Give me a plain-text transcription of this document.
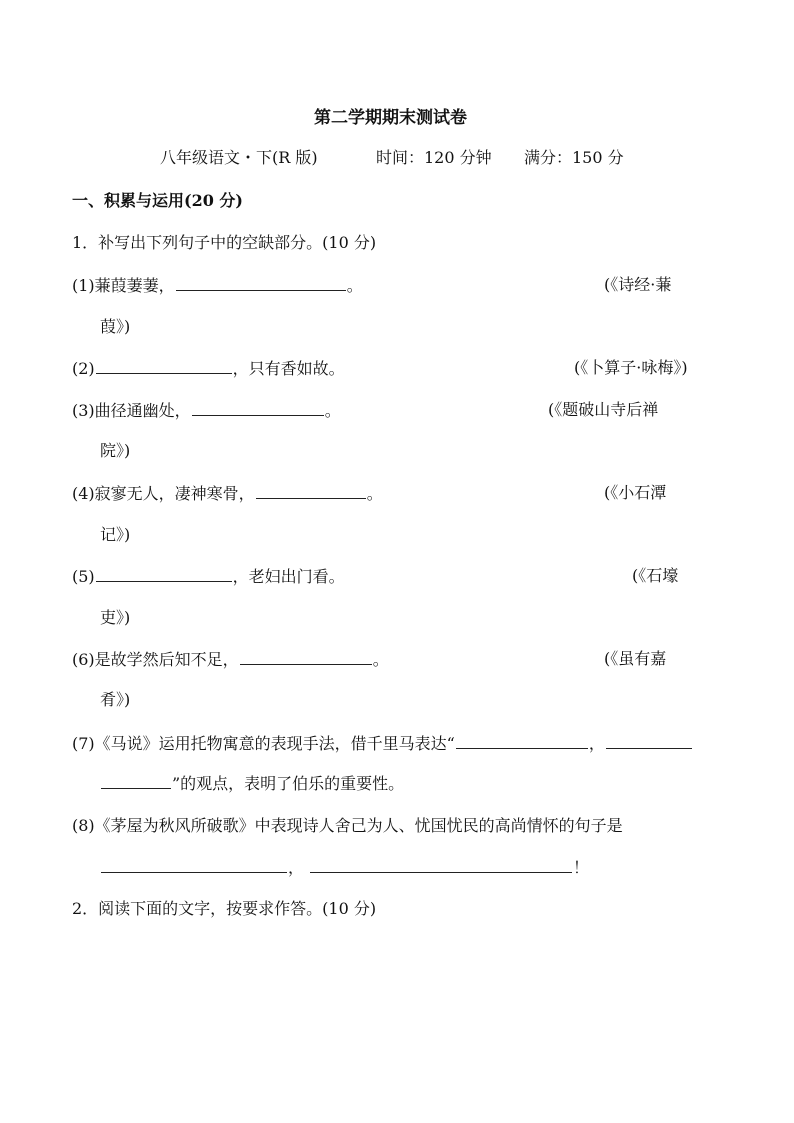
第二学期期末测试卷
八年级语文・下(R 版)	时间：120 分钟 满分：150 分
一、积累与运用(20 分)
1．补写出下列句子中的空缺部分。(10 分)
(1)蒹葭萋萋，	。	(《诗经·蒹
葭》)
(2)	，只有香如故。	(《卜算子·咏梅》)
(3)曲径通幽处，	。	(《题破山寺后禅
院》)
(4)寂寥无人，凄神寒骨，	。	(《小石潭
记》)
(5)	，老妇出门看。	(《石壕
吏》)
(6)是故学然后知不足，	。	(《虽有嘉
肴》)
(7)《马说》运用托物寓意的表现手法，借千里马表达“	，
”的观点，表明了伯乐的重要性。
(8)《茅屋为秋风所破歌》中表现诗人舍己为人、忧国忧民的高尚情怀的句子是
，	！
2．阅读下面的文字，按要求作答。(10 分)
